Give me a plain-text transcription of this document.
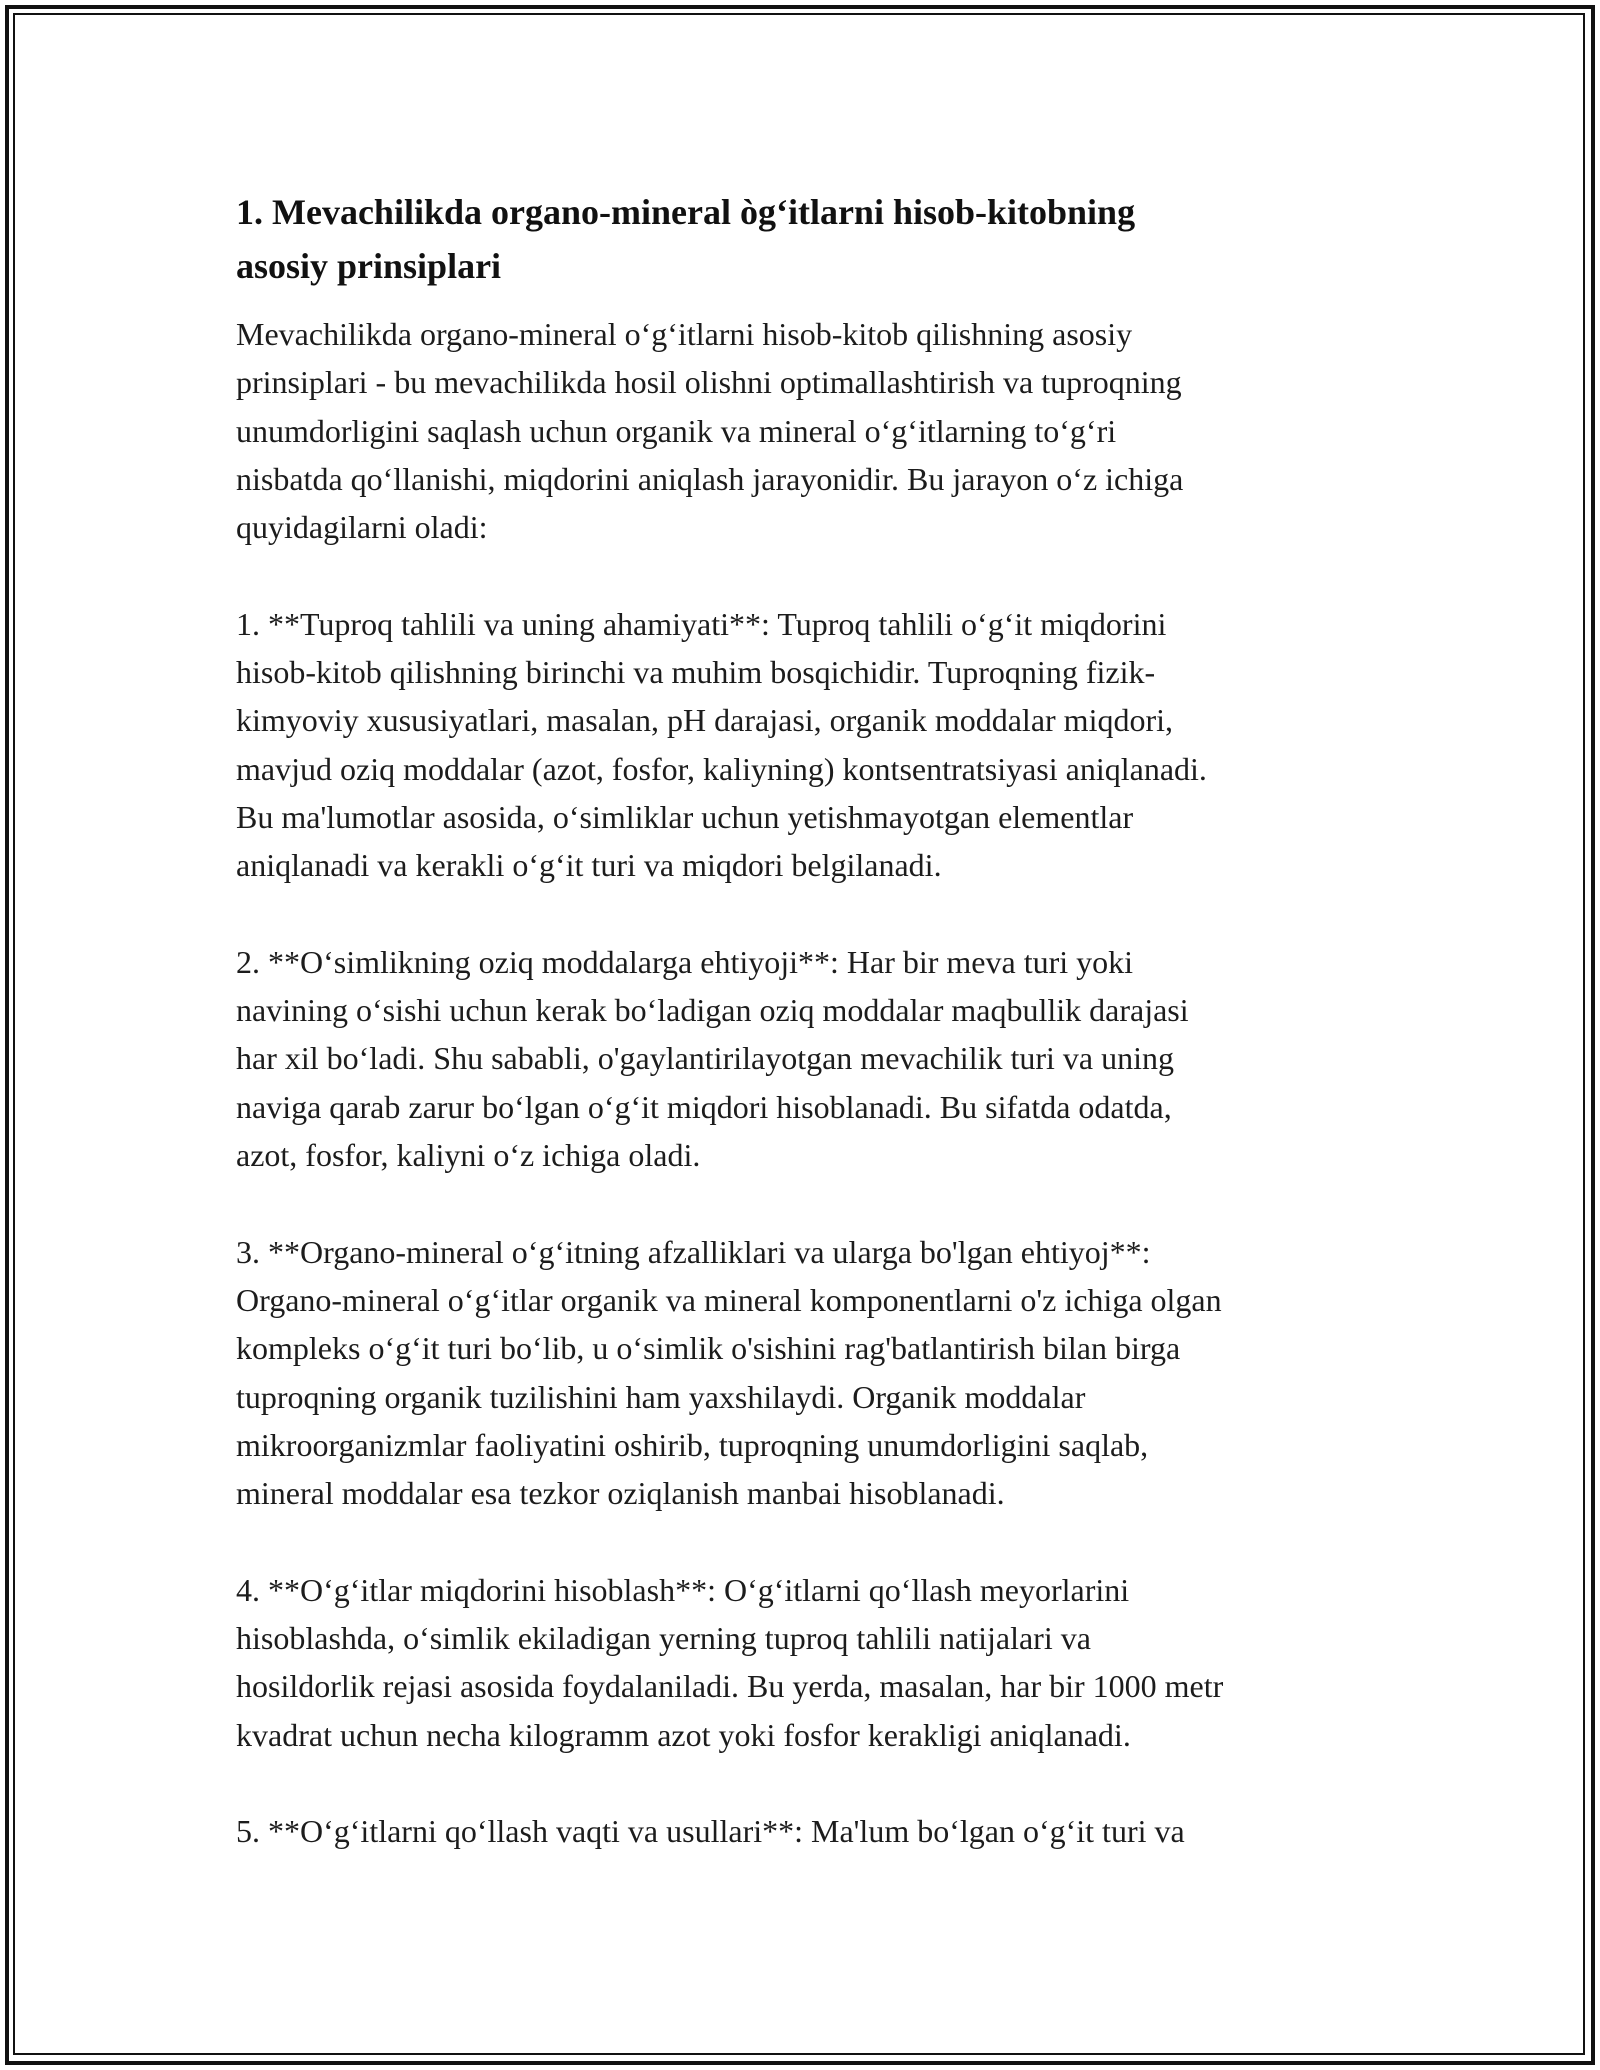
1. Mevachilikda organo-mineral òg‘itlarni hisob-kitobning
asosiy prinsiplari
Mevachilikda organo-mineral o‘g‘itlarni hisob-kitob qilishning asosiy
prinsiplari - bu mevachilikda hosil olishni optimallashtirish va tuproqning
unumdorligini saqlash uchun organik va mineral o‘g‘itlarning to‘g‘ri
nisbatda qo‘llanishi, miqdorini aniqlash jarayonidir. Bu jarayon o‘z ichiga
quyidagilarni oladi:
1. **Tuproq tahlili va uning ahamiyati**: Tuproq tahlili o‘g‘it miqdorini
hisob-kitob qilishning birinchi va muhim bosqichidir. Tuproqning fizik-
kimyoviy xususiyatlari, masalan, pH darajasi, organik moddalar miqdori,
mavjud oziq moddalar (azot, fosfor, kaliyning) kontsentratsiyasi aniqlanadi.
Bu ma'lumotlar asosida, o‘simliklar uchun yetishmayotgan elementlar
aniqlanadi va kerakli o‘g‘it turi va miqdori belgilanadi.
2. **O‘simlikning oziq moddalarga ehtiyoji**: Har bir meva turi yoki
navining o‘sishi uchun kerak bo‘ladigan oziq moddalar maqbullik darajasi
har xil bo‘ladi. Shu sababli, o'gaylantirilayotgan mevachilik turi va uning
naviga qarab zarur bo‘lgan o‘g‘it miqdori hisoblanadi. Bu sifatda odatda,
azot, fosfor, kaliyni o‘z ichiga oladi.
3. **Organo-mineral o‘g‘itning afzalliklari va ularga bo'lgan ehtiyoj**:
Organo-mineral o‘g‘itlar organik va mineral komponentlarni o'z ichiga olgan
kompleks o‘g‘it turi bo‘lib, u o‘simlik o'sishini rag'batlantirish bilan birga
tuproqning organik tuzilishini ham yaxshilaydi. Organik moddalar
mikroorganizmlar faoliyatini oshirib, tuproqning unumdorligini saqlab,
mineral moddalar esa tezkor oziqlanish manbai hisoblanadi.
4. **O‘g‘itlar miqdorini hisoblash**: O‘g‘itlarni qo‘llash meyorlarini
hisoblashda, o‘simlik ekiladigan yerning tuproq tahlili natijalari va
hosildorlik rejasi asosida foydalaniladi. Bu yerda, masalan, har bir 1000 metr
kvadrat uchun necha kilogramm azot yoki fosfor kerakligi aniqlanadi.
5. **O‘g‘itlarni qo‘llash vaqti va usullari**: Ma'lum bo‘lgan o‘g‘it turi va
